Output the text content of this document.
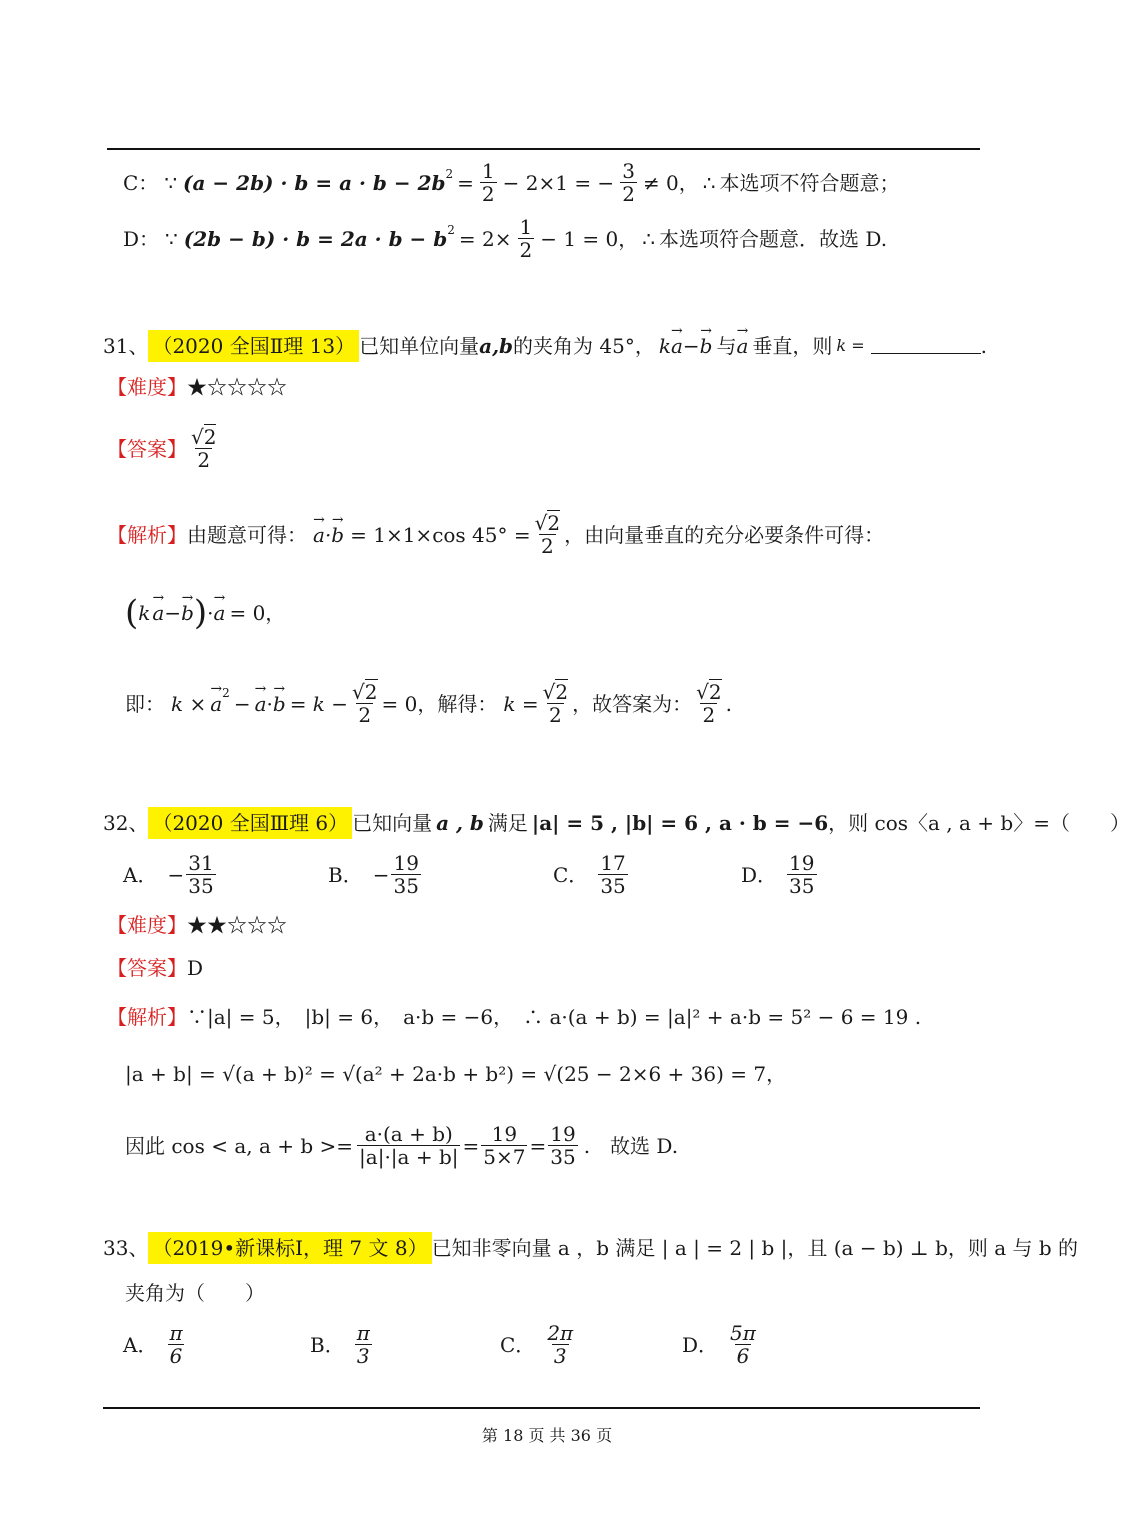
C： ∵ $(a - 2b) \cdot b = a \cdot b - 2b^2 = \frac{1}{2} - 2\times 1$ = − $\frac{3}{2} \ne 0$， ∴ 本选项不符合题意；
D： ∵ $(2b - b) \cdot b = 2a \cdot b - b^2 = 2\times \frac{1}{2} - 1 = 0$， ∴ 本选项符合题意．故选 D.
31、 （2020 全国Ⅱ理 13） 已知单位向量 a,b 的夹角为 45°， k → a − → b 与 → a 垂直，则 k =	.
【难度】★☆☆☆☆
【答案】 $\frac{√2}{2}$
【解析】 由题意可得： → a·→ b = 1×1×cos $45^\circ = \frac{√2}{2}$ ，由向量垂直的充分必要条件可得：
( k → a − → b ) · → a = 0，
即： k × → $a^2$ − → a · → $b = k - \frac{√2}{2} = 0$，解得： $k = \frac{√2}{2}$ ，故答案为： $\frac{√2}{2}$ .
32、 （2020 全国Ⅲ理 6） 已知向量 a , b 满足 |a| = 5 , |b| = 6 , a · b = −6 ，则 cos〈a , a + b〉=（　　）
A． − $\frac{31}{35}$	B． − $\frac{19}{35}$	C． $\frac{17}{35}$	D． $\frac{19}{35}$
【难度】★★☆☆☆
【答案】D
【解析】∵|a| = 5，　|b| = 6，　a·b = −6，　∴ a·(a + b) = |a|² + a·b = 5² − 6 = 19 .
|a + b| = √(a + b)² = √(a² + 2a·b + b²) = √(25 − 2×6 + 36) = 7，
因此 cos < a, $a + b >= \frac{a\cdot(a + b)}{|a|\cdot|a + b|} = \frac{19}{5\times 7} = \frac{19}{35}$ .　故选 D.
33、 （2019•新课标Ⅰ，理 7 文 8） 已知非零向量 a ，b 满足 | a | = 2 | b |，且 (a − b) ⊥ b，则 a 与 b 的
夹角为（　　）
A． $\frac{\pi}{6}$	B． $\frac{\pi}{3}$	C． $\frac{2\pi}{3}$	D． $\frac{5\pi}{6}$
第 18 页 共 36 页
